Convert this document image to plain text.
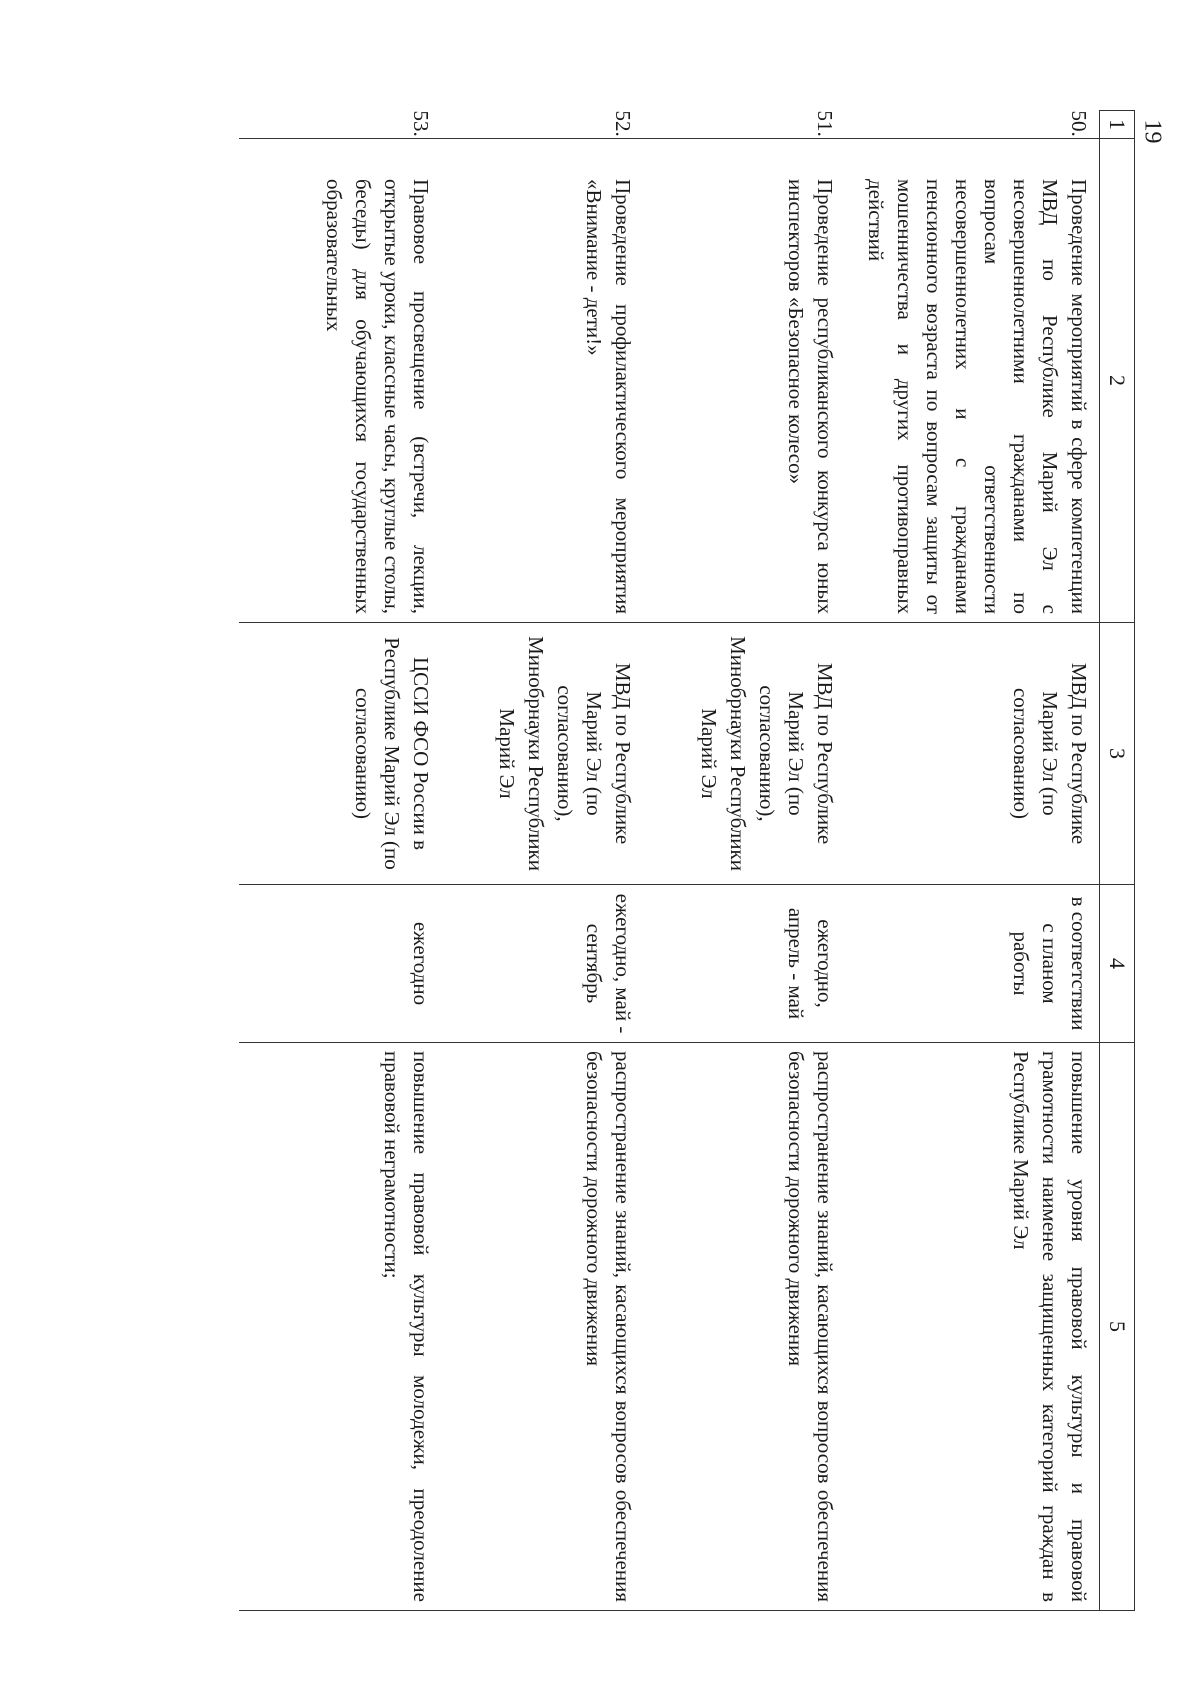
19
1	2	3	4	5

50.	Проведение мероприятий в сфере компетенции МВД по Республике Марий Эл с несовершеннолетними гражданами по вопросам ответственности несовершеннолетних и с гражданами пенсионного возраста по вопросам защиты от мошенничества и других противоправных действий	МВД по Республике Марий Эл (по согласованию)	в соответствии с планом работы	повышение уровня правовой культуры и правовой грамотности наименее защищенных категорий граждан в Республике Марий Эл

51.	Проведение республиканского конкурса юных инспекторов «Безопасное колесо»	МВД по Республике Марий Эл (по согласованию), Минобрнауки Республики Марий Эл	ежегодно, апрель - май	распространение знаний, касающихся вопросов обеспечения безопасности дорожного движения

52.	Проведение профилактического мероприятия «Внимание - дети!»	МВД по Республике Марий Эл (по согласованию), Минобрнауки Республики Марий Эл	ежегодно, май - сентябрь	распространение знаний, касающихся вопросов обеспечения безопасности дорожного движения

53.	Правовое просвещение (встречи, лекции, открытые уроки, классные часы, круглые столы, беседы) для обучающихся государственных образовательных	ЦССИ ФСО России в Республике Марий Эл (по согласованию)	ежегодно	повышение правовой культуры молодежи, преодоление правовой неграмотности;
